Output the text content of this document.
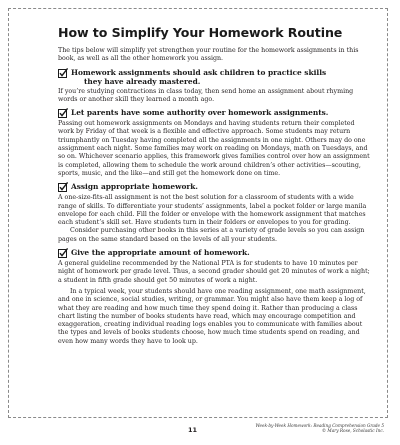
How to Simplify Your Homework Routine

The tips below will simplify yet strengthen your routine for the homework assignments in this book, as well as all the other homework you assign.

Homework assignments should ask children to practice skills
they have already mastered.

If you’re studying contractions in class today, then send home an assignment about rhyming words or another skill they learned a month ago.

Let parents have some authority over homework assignments.

Passing out homework assignments on Mondays and having students return their completed work by Friday of that week is a flexible and effective approach. Some students may return triumphantly on Tuesday having completed all the assignments in one night. Others may do one assignment each night. Some families may work on reading on Mondays, math on Tuesdays, and so on. Whichever scenario applies, this framework gives families control over how an assignment is completed, allowing them to schedule the work around children’s other activities—scouting, sports, music, and the like—and still get the homework done on time.

Assign appropriate homework.

A one-size-fits-all assignment is not the best solution for a classroom of students with a wide range of skills. To differentiate your students’ assignments, label a pocket folder or large manila envelope for each child. Fill the folder or envelope with the homework assignment that matches each student’s skill set. Have students turn in their folders or envelopes to you for grading.

Consider purchasing other books in this series at a variety of grade levels so you can assign pages on the same standard based on the levels of all your students.

Give the appropriate amount of homework.

A general guideline recommended by the National PTA is for students to have 10 minutes per night of homework per grade level. Thus, a second grader should get 20 minutes of work a night; a student in fifth grade should get 50 minutes of work a night.

In a typical week, your students should have one reading assignment, one math assignment, and one in science, social studies, writing, or grammar. You might also have them keep a log of what they are reading and how much time they spend doing it. Rather than producing a class chart listing the number of books students have read, which may encourage competition and exaggeration, creating individual reading logs enables you to communicate with families about the types and levels of books students choose, how much time students spend on reading, and even how many words they have to look up.

11
Week-by-Week Homework: Reading Comprehension Grade 5
© Mary Rose, Scholastic Inc.
